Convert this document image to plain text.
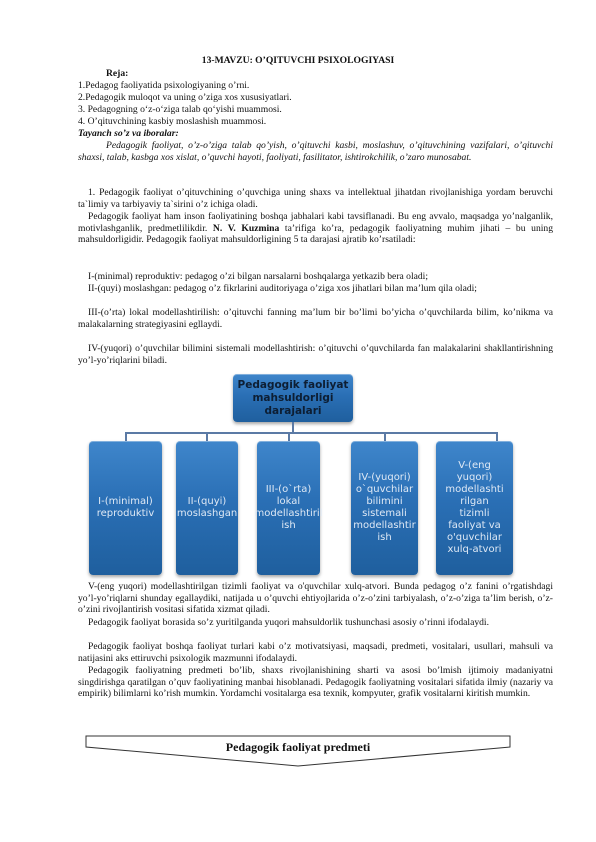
13-MAVZU: O’QITUVCHI PSIXOLOGIYASI
Reja:
1.Pedagog faoliyatida psixologiyaning o’rni.
2.Pedagogik muloqot va uning o’ziga xos xususiyatlari.
3. Pedagogning o‘z-o‘ziga talab qo‘yishi muammosi.
4. O’qituvchining kasbiy moslashish muammosi.
Tayanch so’z va iboralar:
Pedagogik faoliyat, o’z-o’ziga talab qo’yish, o’qituvchi kasbi, moslashuv, o’qituvchining vazifalari, o’qituvchi shaxsi, talab, kasbga xos xislat, o’quvchi hayoti, faoliyati, fasilitator, ishtirokchilik, o’zaro munosabat.
1. Pedagogik faoliyat o’qituvchining o’quvchiga uning shaxs va intellektual jihatdan rivojlanishiga yordam beruvchi ta`limiy va tarbiyaviy ta`sirini o’z ichiga oladi.
Pedagogik faoliyat ham inson faoliyatining boshqa jabhalari kabi tavsiflanadi. Bu eng avvalo, maqsadga yo’nalganlik, motivlashganlik, predmetlilikdir. N. V. Kuzmina ta’rifiga ko’ra, pedagogik faoliyatning muhim jihati – bu uning mahsuldorligidir. Pedagogik faoliyat mahsuldorligining 5 ta darajasi ajratib ko’rsatiladi:
I-(minimal) reproduktiv: pedagog o’zi bilgan narsalarni boshqalarga yetkazib bera oladi;
II-(quyi) moslashgan: pedagog o’z fikrlarini auditoriyaga o’ziga xos jihatlari bilan ma’lum qila oladi;
III-(o’rta) lokal modellashtirilish: o’qituvchi fanning ma’lum bir bo’limi bo’yicha o’quvchilarda bilim, ko’nikma va malakalarning strategiyasini egllaydi.
IV-(yuqori) o’quvchilar bilimini sistemali modellashtirish: o’qituvchi o’quvchilarda fan malakalarini shakllantirishning yo’l-yo’riqlarini biladi.
Pedagogik faoliyat
mahsuldorligi
darajalari
I-(minimal)
reproduktiv
II-(quyi)
moslashgan
III-(o`rta)
lokal
modellashtiril
ish
IV-(yuqori)
o`quvchilar
bilimini
sistemali
modellashtir
ish
V-(eng
yuqori)
modellashti
rilgan
tizimli
faoliyat va
o'quvchilar
xulq-atvori
V-(eng yuqori) modellashtirilgan tizimli faoliyat va o'quvchilar xulq-atvori. Bunda pedagog o’z fanini o’rgatishdagi yo’l-yo’riqlarni shunday egallaydiki, natijada u o’quvchi ehtiyojlarida o’z-o’zini tarbiyalash, o’z-o’ziga ta’lim berish, o’z-o’zini rivojlantirish vositasi sifatida xizmat qiladi.
Pedagogik faoliyat borasida so’z yuritilganda yuqori mahsuldorlik tushunchasi asosiy o’rinni ifodalaydi.
Pedagogik faoliyat boshqa faoliyat turlari kabi o’z motivatsiyasi, maqsadi, predmeti, vositalari, usullari, mahsuli va natijasini aks ettiruvchi psixologik mazmunni ifodalaydi.
Pedagogik faoliyatning predmeti bo’lib, shaxs rivojlanishining sharti va asosi bo’lmish ijtimoiy madaniyatni singdirishga qaratilgan o’quv faoliyatining manbai hisoblanadi. Pedagogik faoliyatning vositalari sifatida ilmiy (nazariy va empirik) bilimlarni ko’rish mumkin. Yordamchi vositalarga esa texnik, kompyuter, grafik vositalarni kiritish mumkin.
Pedagogik faoliyat predmeti
